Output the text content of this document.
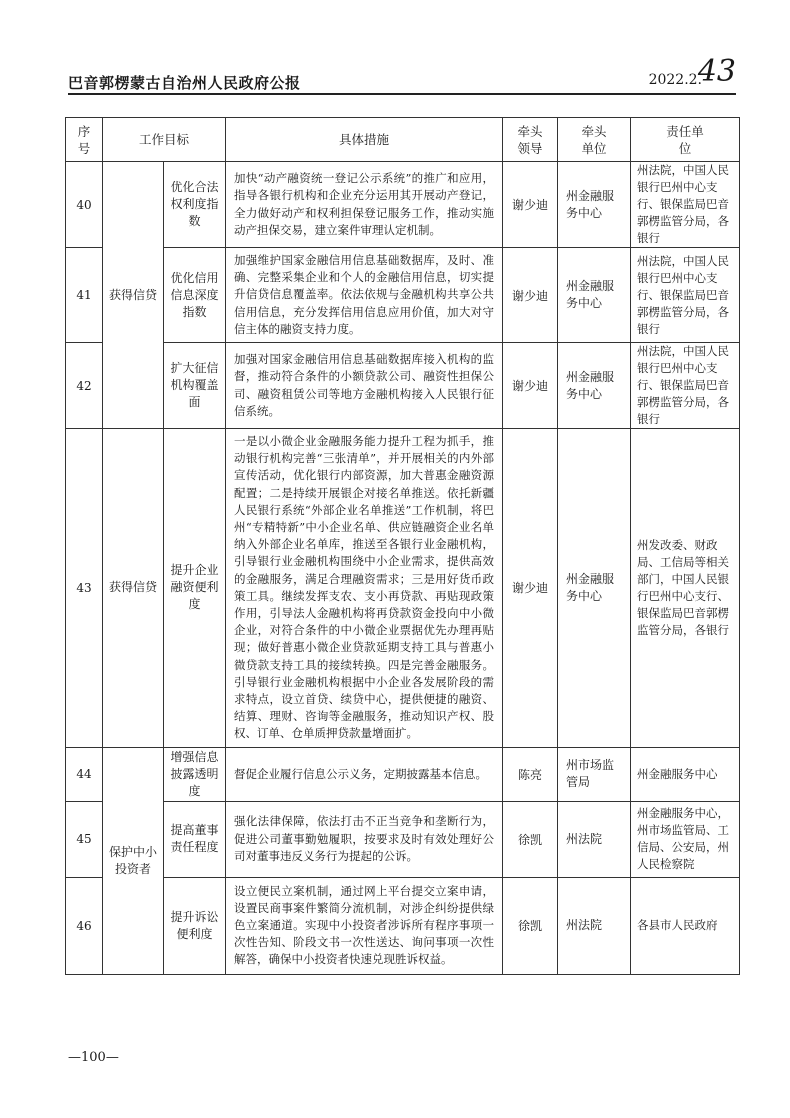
巴音郭楞蒙古自治州人民政府公报	2022.2.
43
序号	工作目标		具体措施	牵头领导	牵头单位	责任单位
40	获得信贷	优化合法权利度指数	加快“动产融资统一登记公示系统”的推广和应用，指导各银行机构和企业充分运用其开展动产登记，全力做好动产和权利担保登记服务工作，推动实施动产担保交易，建立案件审理认定机制。	谢少迪	州金融服务中心	州法院，中国人民银行巴州中心支行、银保监局巴音郭楞监管分局，各银行
41		优化信用信息深度指数	加强维护国家金融信用信息基础数据库，及时、准确、完整采集企业和个人的金融信用信息，切实提升信贷信息覆盖率。依法依规与金融机构共享公共信用信息，充分发挥信用信息应用价值，加大对守信主体的融资支持力度。	谢少迪	州金融服务中心	州法院，中国人民银行巴州中心支行、银保监局巴音郭楞监管分局，各银行
42		扩大征信机构覆盖面	加强对国家金融信用信息基础数据库接入机构的监督，推动符合条件的小额贷款公司、融资性担保公司、融资租赁公司等地方金融机构接入人民银行征信系统。	谢少迪	州金融服务中心	州法院，中国人民银行巴州中心支行、银保监局巴音郭楞监管分局，各银行
43	获得信贷	提升企业融资便利度	一是以小微企业金融服务能力提升工程为抓手，推动银行机构完善“三张清单”，并开展相关的内外部宣传活动，优化银行内部资源，加大普惠金融资源配置；二是持续开展银企对接名单推送。依托新疆人民银行系统“外部企业名单推送”工作机制，将巴州“专精特新”中小企业名单、供应链融资企业名单纳入外部企业名单库，推送至各银行业金融机构，引导银行业金融机构围绕中小企业需求，提供高效的金融服务，满足合理融资需求；三是用好货币政策工具。继续发挥支农、支小再贷款、再贴现政策作用，引导法人金融机构将再贷款资金投向中小微企业，对符合条件的中小微企业票据优先办理再贴现；做好普惠小微企业贷款延期支持工具与普惠小微贷款支持工具的接续转换。四是完善金融服务。引导银行业金融机构根据中小企业各发展阶段的需求特点，设立首贷、续贷中心，提供便捷的融资、结算、理财、咨询等金融服务，推动知识产权、股权、订单、仓单质押贷款量增面扩。	谢少迪	州金融服务中心	州发改委、财政局、工信局等相关部门，中国人民银行巴州中心支行、银保监局巴音郭楞监管分局，各银行
44	保护中小投资者	增强信息披露透明度	督促企业履行信息公示义务，定期披露基本信息。	陈亮	州市场监管局	州金融服务中心
45		提高董事责任程度	强化法律保障，依法打击不正当竞争和垄断行为，促进公司董事勤勉履职，按要求及时有效处理好公司对董事违反义务行为提起的公诉。	徐凯	州法院	州金融服务中心，州市场监管局、工信局、公安局，州人民检察院
46		提升诉讼便利度	设立便民立案机制，通过网上平台提交立案申请，设置民商事案件繁简分流机制，对涉企纠纷提供绿色立案通道。实现中小投资者涉诉所有程序事项一次性告知、阶段文书一次性送达、询问事项一次性解答，确保中小投资者快速兑现胜诉权益。	徐凯	州法院	各县市人民政府
—100—
